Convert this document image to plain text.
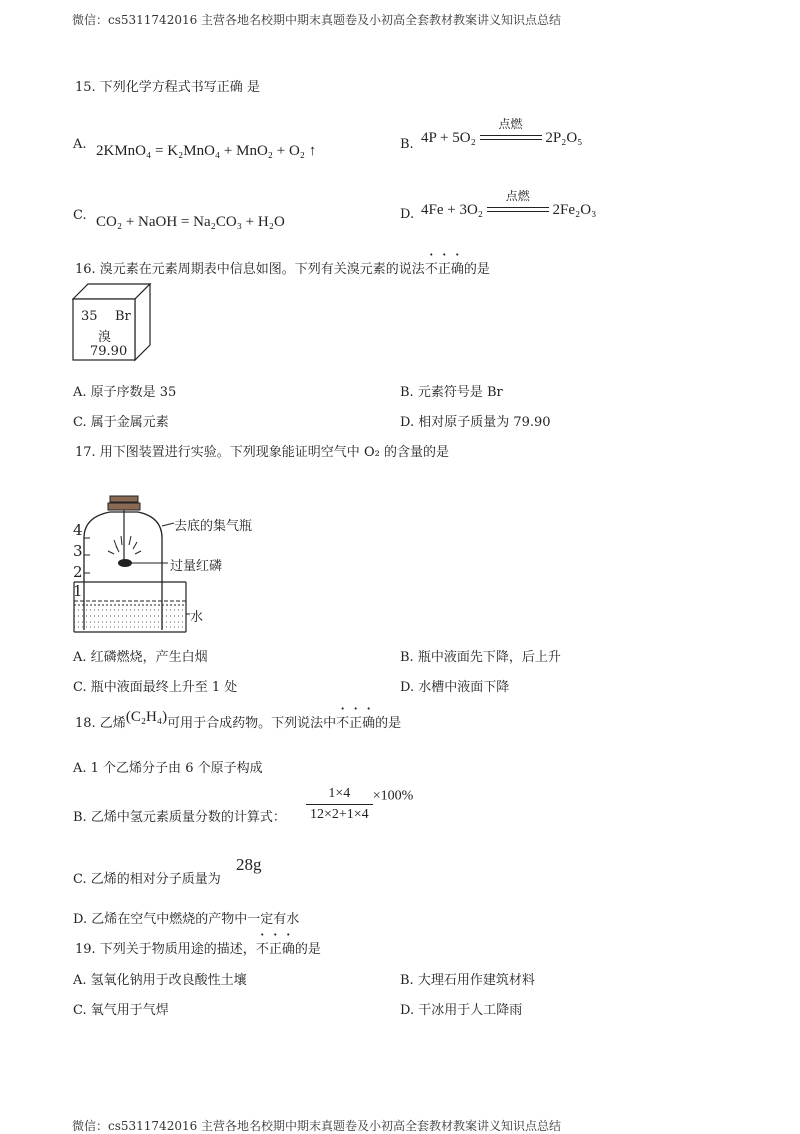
微信：cs5311742016 主营各地名校期中期末真题卷及小初高全套教材教案讲义知识点总结
微信：cs5311742016 主营各地名校期中期末真题卷及小初高全套教材教案讲义知识点总结
15. 下列化学方程式书写正确 是
A. 2KMnO₄ = K₂MnO₄ + MnO₂ + O₂ ↑	B. 4P + 5O₂
点燃
2P₂O₅
C. CO₂ + NaOH = Na₂CO₃ + H₂O	D. 4Fe + 3O₂
点燃
2Fe₂O₃
16. 溴元素在元素周期表中信息如图。下列有关溴元素的说法不正确的是
35 Br
溴
79.90
A. 原子序数是 35	B. 元素符号是 Br
C. 属于金属元素	D. 相对原子质量为 79.90
17. 用下图装置进行实验。下列现象能证明空气中 O₂ 的含量的是
4
3
2
1
去底的集气瓶
过量红磷
水
A. 红磷燃烧，产生白烟	B. 瓶中液面先下降，后上升
C. 瓶中液面最终上升至 1 处	D. 水槽中液面下降
18. 乙烯(C₂H₄)可用于合成药物。下列说法中不正确的是
A. 1 个乙烯分子由 6 个原子构成
B. 乙烯中氢元素质量分数的计算式： $\frac{1\times 4}{12\times 2+1\times 4} \times 100\%$
C. 乙烯的相对分子质量为
28g
D. 乙烯在空气中燃烧的产物中一定有水
19. 下列关于物质用途的描述，不正确的是
A. 氢氧化钠用于改良酸性土壤	B. 大理石用作建筑材料
C. 氧气用于气焊	D. 干冰用于人工降雨
